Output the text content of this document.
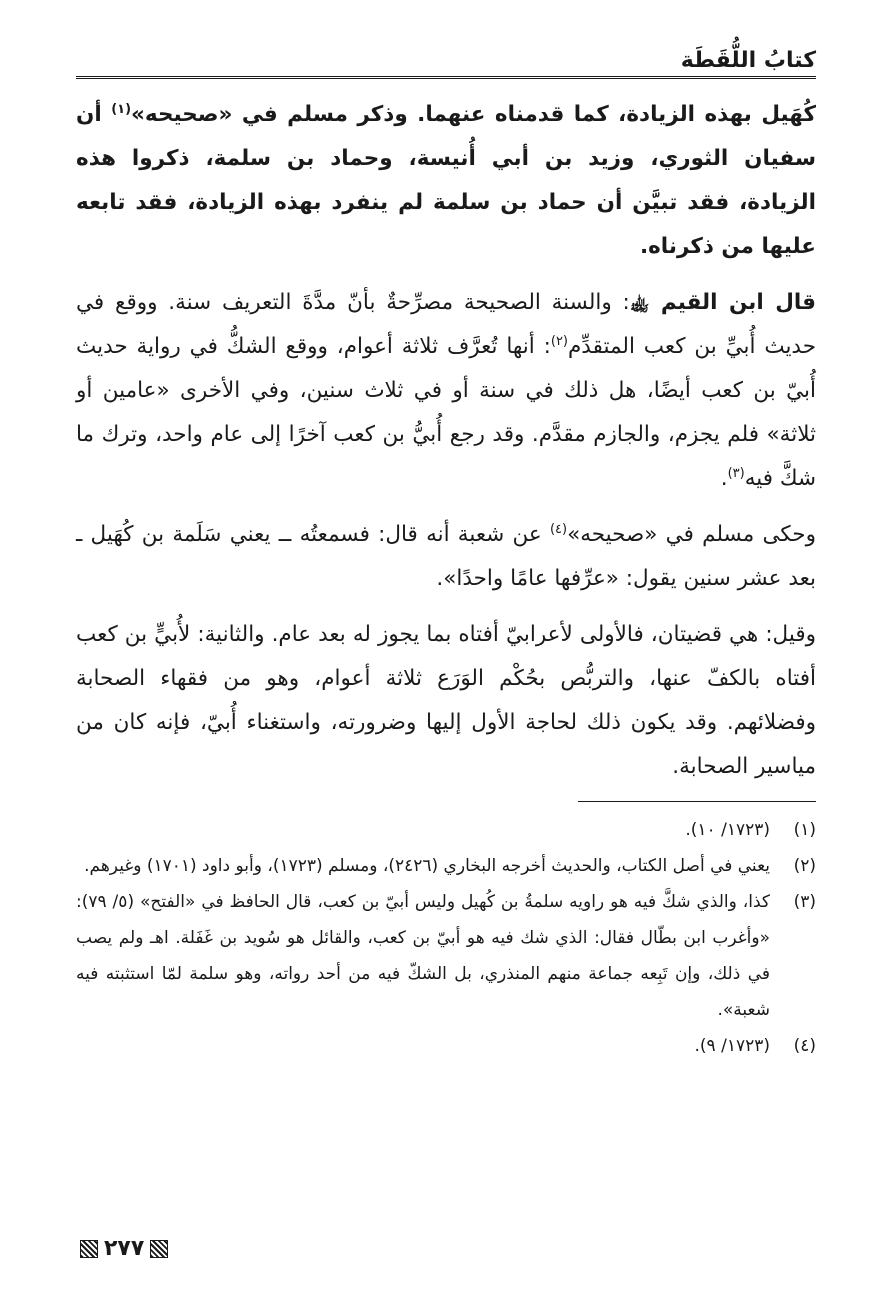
كتابُ اللُّقَطَة

كُهَيل بهذه الزيادة، كما قدمناه عنهما. وذكر مسلم في «صحيحه»$^{(١)}$ أن سفيان الثوري، وزيد بن أبي أُنيسة، وحماد بن سلمة، ذكروا هذه الزيادة، فقد تبيَّن أن حماد بن سلمة لم ينفرد بهذه الزيادة، فقد تابعه عليها من ذكرناه.

قال ابن القيم ﵀: والسنة الصحيحة مصرِّحةٌ بأنّ مدَّةَ التعريف سنة. ووقع في حديث أُبيِّ بن كعب المتقدِّم$^{(٢)}$: أنها تُعرَّف ثلاثة أعوام، ووقع الشكُّ في رواية حديث أُبيّ بن كعب أيضًا، هل ذلك في سنة أو في ثلاث سنين، وفي الأخرى «عامين أو ثلاثة» فلم يجزم، والجازم مقدَّم. وقد رجع أُبيُّ بن كعب آخرًا إلى عام واحد، وترك ما شكَّ فيه$^{(٣)}$.

وحكى مسلم في «صحيحه»$^{(٤)}$ عن شعبة أنه قال: فسمعتُه ــ يعني سَلَمة بن كُهَيل ـ بعد عشر سنين يقول: «عرِّفها عامًا واحدًا».

وقيل: هي قضيتان، فالأولى لأعرابيّ أفتاه بما يجوز له بعد عام. والثانية: لأُبيٍّ بن كعب أفتاه بالكفّ عنها، والتربُّص بحُكْم الوَرَع ثلاثة أعوام، وهو من فقهاء الصحابة وفضلائهم. وقد يكون ذلك لحاجة الأول إليها وضرورته، واستغناء أُبيّ، فإنه كان من مياسير الصحابة.

(١)
(١٧٢٣/ ١٠).
(٢)
يعني في أصل الكتاب، والحديث أخرجه البخاري (٢٤٢٦)، ومسلم (١٧٢٣)، وأبو داود (١٧٠١) وغيرهم.
(٣)
كذا، والذي شكَّ فيه هو راويه سلمةُ بن كُهيل وليس أبيّ بن كعب، قال الحافظ في «الفتح» (٥/ ٧٩): «وأغرب ابن بطّال فقال: الذي شك فيه هو أبيّ بن كعب، والقائل هو سُويد بن غَفَلة. اهـ ولم يصب في ذلك، وإن تَبِعه جماعة منهم المنذري، بل الشكّ فيه من أحد رواته، وهو سلمة لمّا استثبته فيه شعبة».
(٤)
(١٧٢٣/ ٩).
٢٧٧
